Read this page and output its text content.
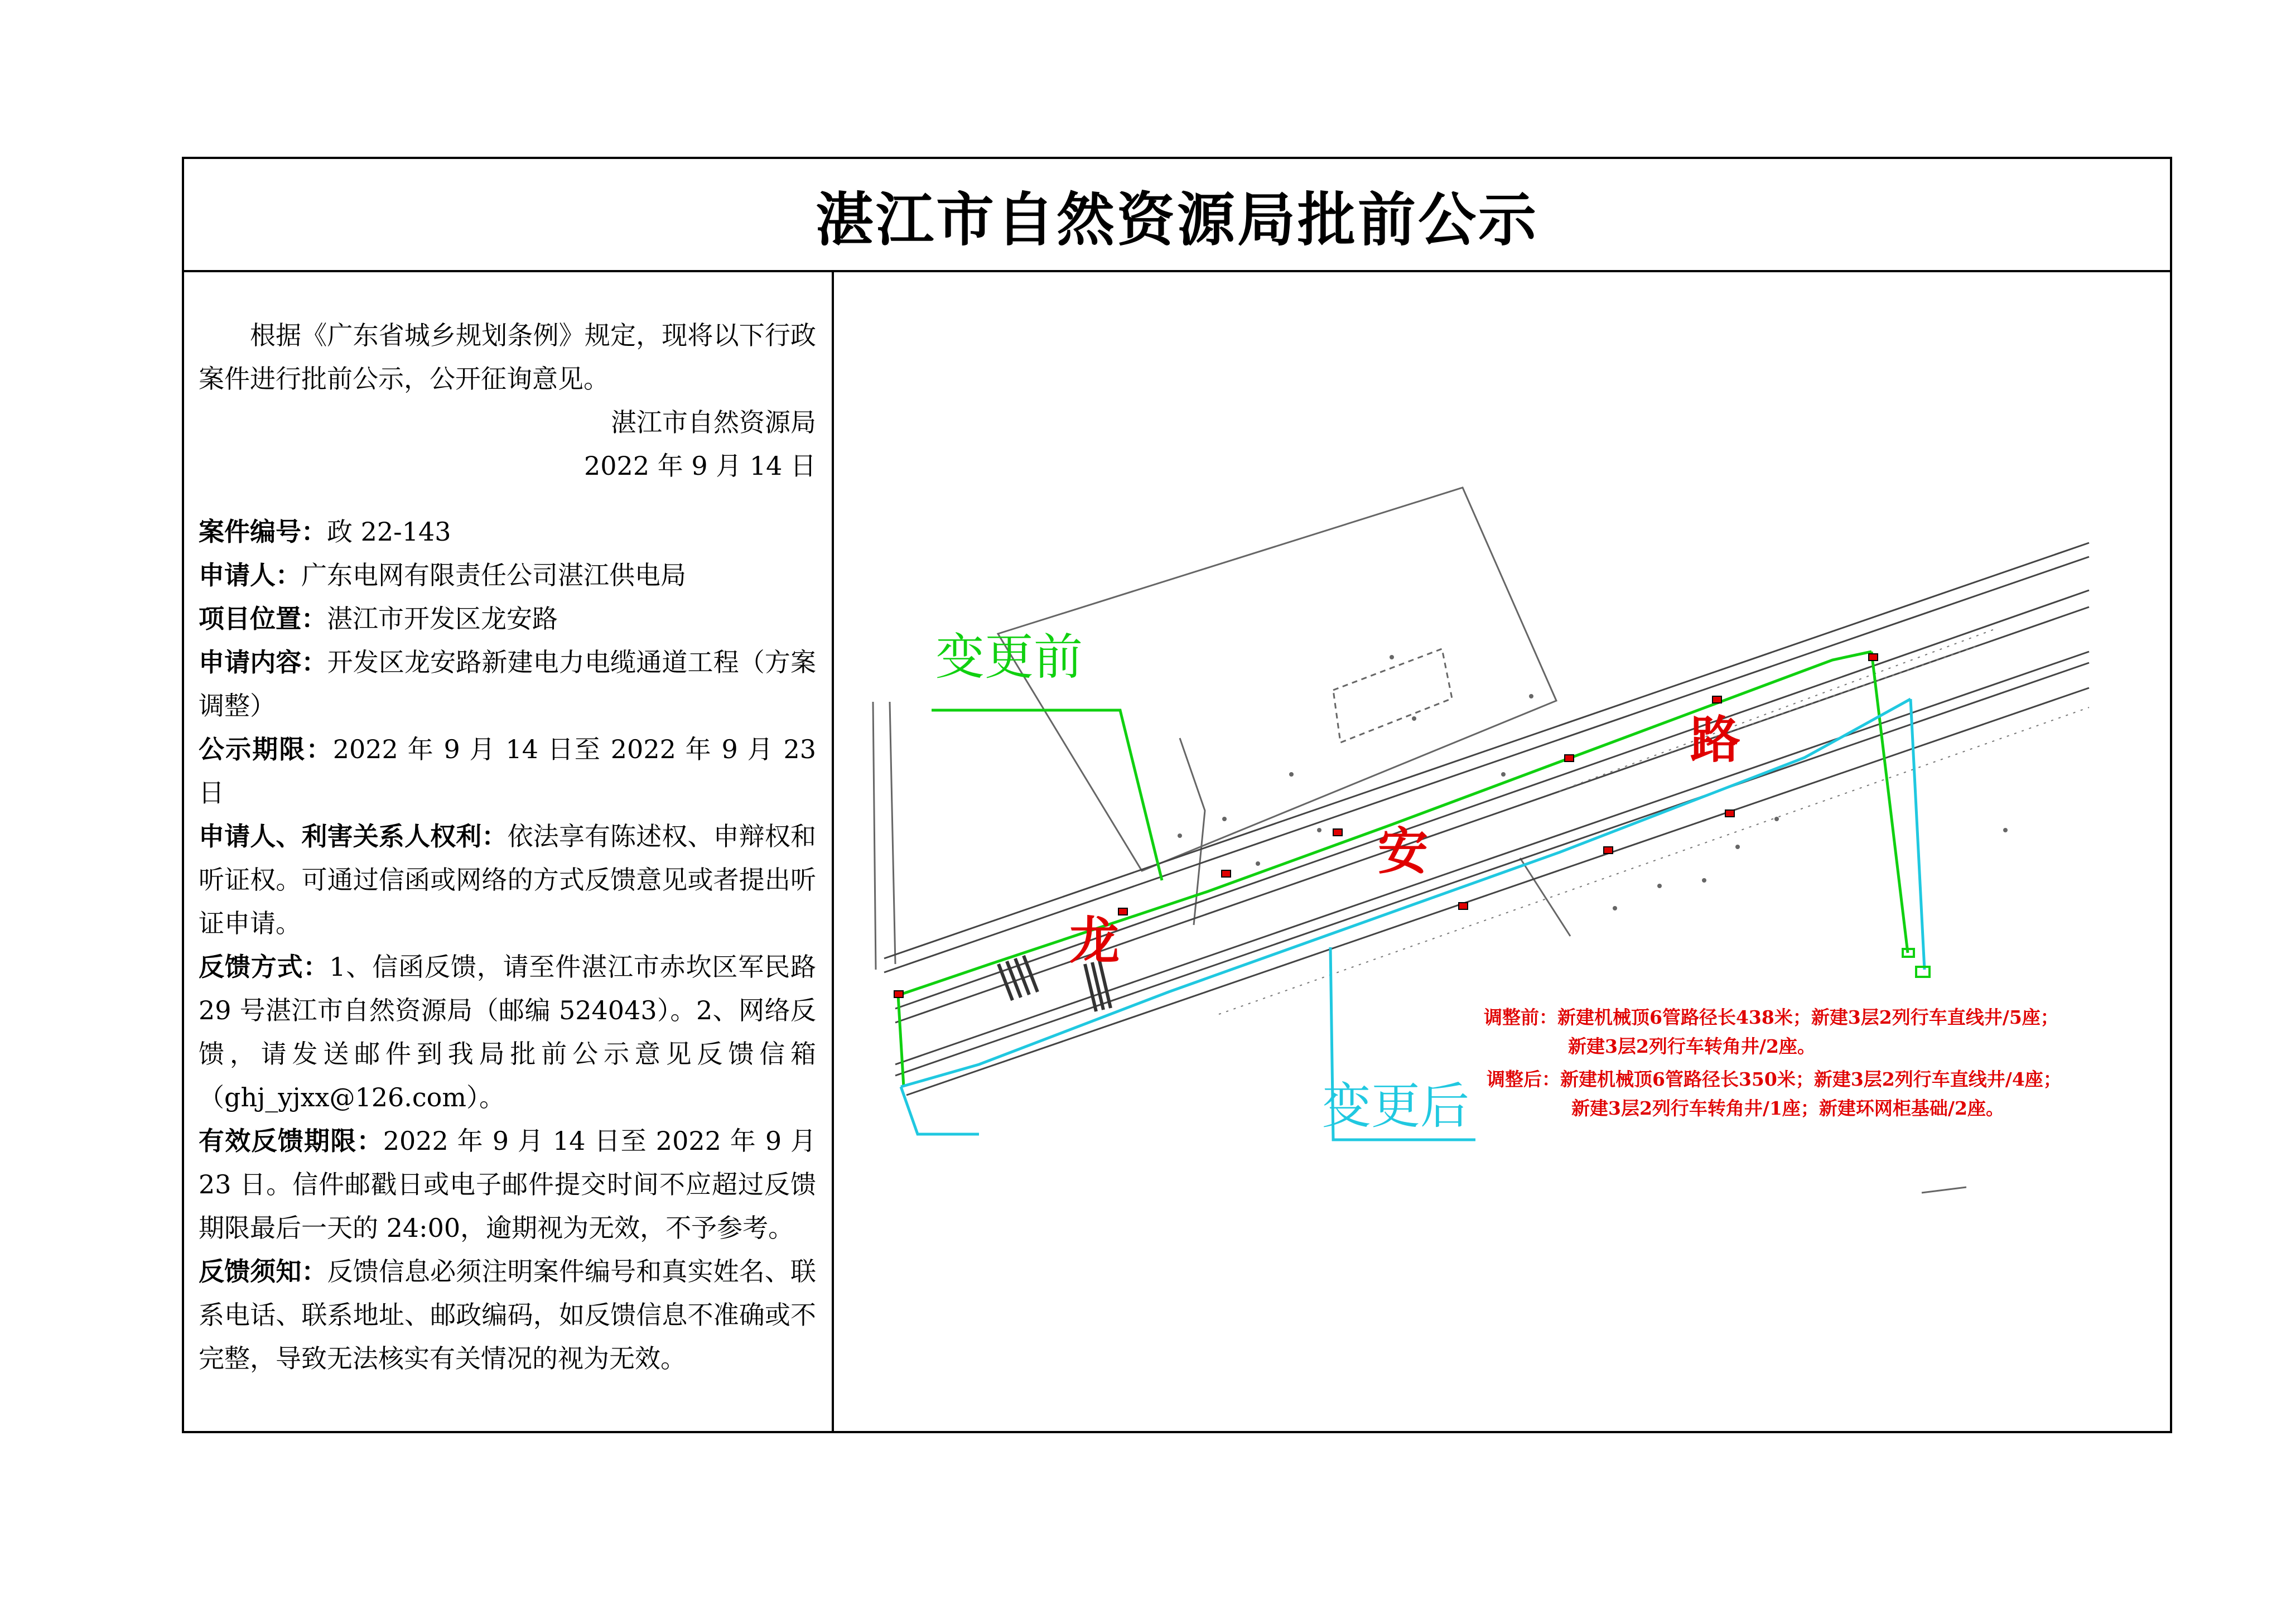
湛江市自然资源局批前公示

根据《广东省城乡规划条例》规定，现将以下行政案件进行批前公示，公开征询意见。

湛江市自然资源局

2022 年 9 月 14 日

案件编号：政 22-143

申请人：广东电网有限责任公司湛江供电局

项目位置：湛江市开发区龙安路

申请内容：开发区龙安路新建电力电缆通道工程（方案调整）

公示期限：2022 年 9 月 14 日至 2022 年 9 月 23 日

申请人、利害关系人权利：依法享有陈述权、申辩权和听证权。可通过信函或网络的方式反馈意见或者提出听证申请。

反馈方式：1、信函反馈，请至件湛江市赤坎区军民路 29 号湛江市自然资源局（邮编 524043）。2、网络反馈，请发送邮件到我局批前公示意见反馈信箱（ghj_yjxx@126.com）。

有效反馈期限：2022 年 9 月 14 日至 2022 年 9 月 23 日。信件邮戳日或电子邮件提交时间不应超过反馈期限最后一天的 24:00，逾期视为无效，不予参考。

反馈须知：反馈信息必须注明案件编号和真实姓名、联系电话、联系地址、邮政编码，如反馈信息不准确或不完整，导致无法核实有关情况的视为无效。

变更前
变更后
龙
安
路
调整前：新建机械顶6管路径长438米；新建3层2列行车直线井/5座；
新建3层2列行车转角井/2座。
调整后：新建机械顶6管路径长350米；新建3层2列行车直线井/4座；
新建3层2列行车转角井/1座；新建环网柜基础/2座。
